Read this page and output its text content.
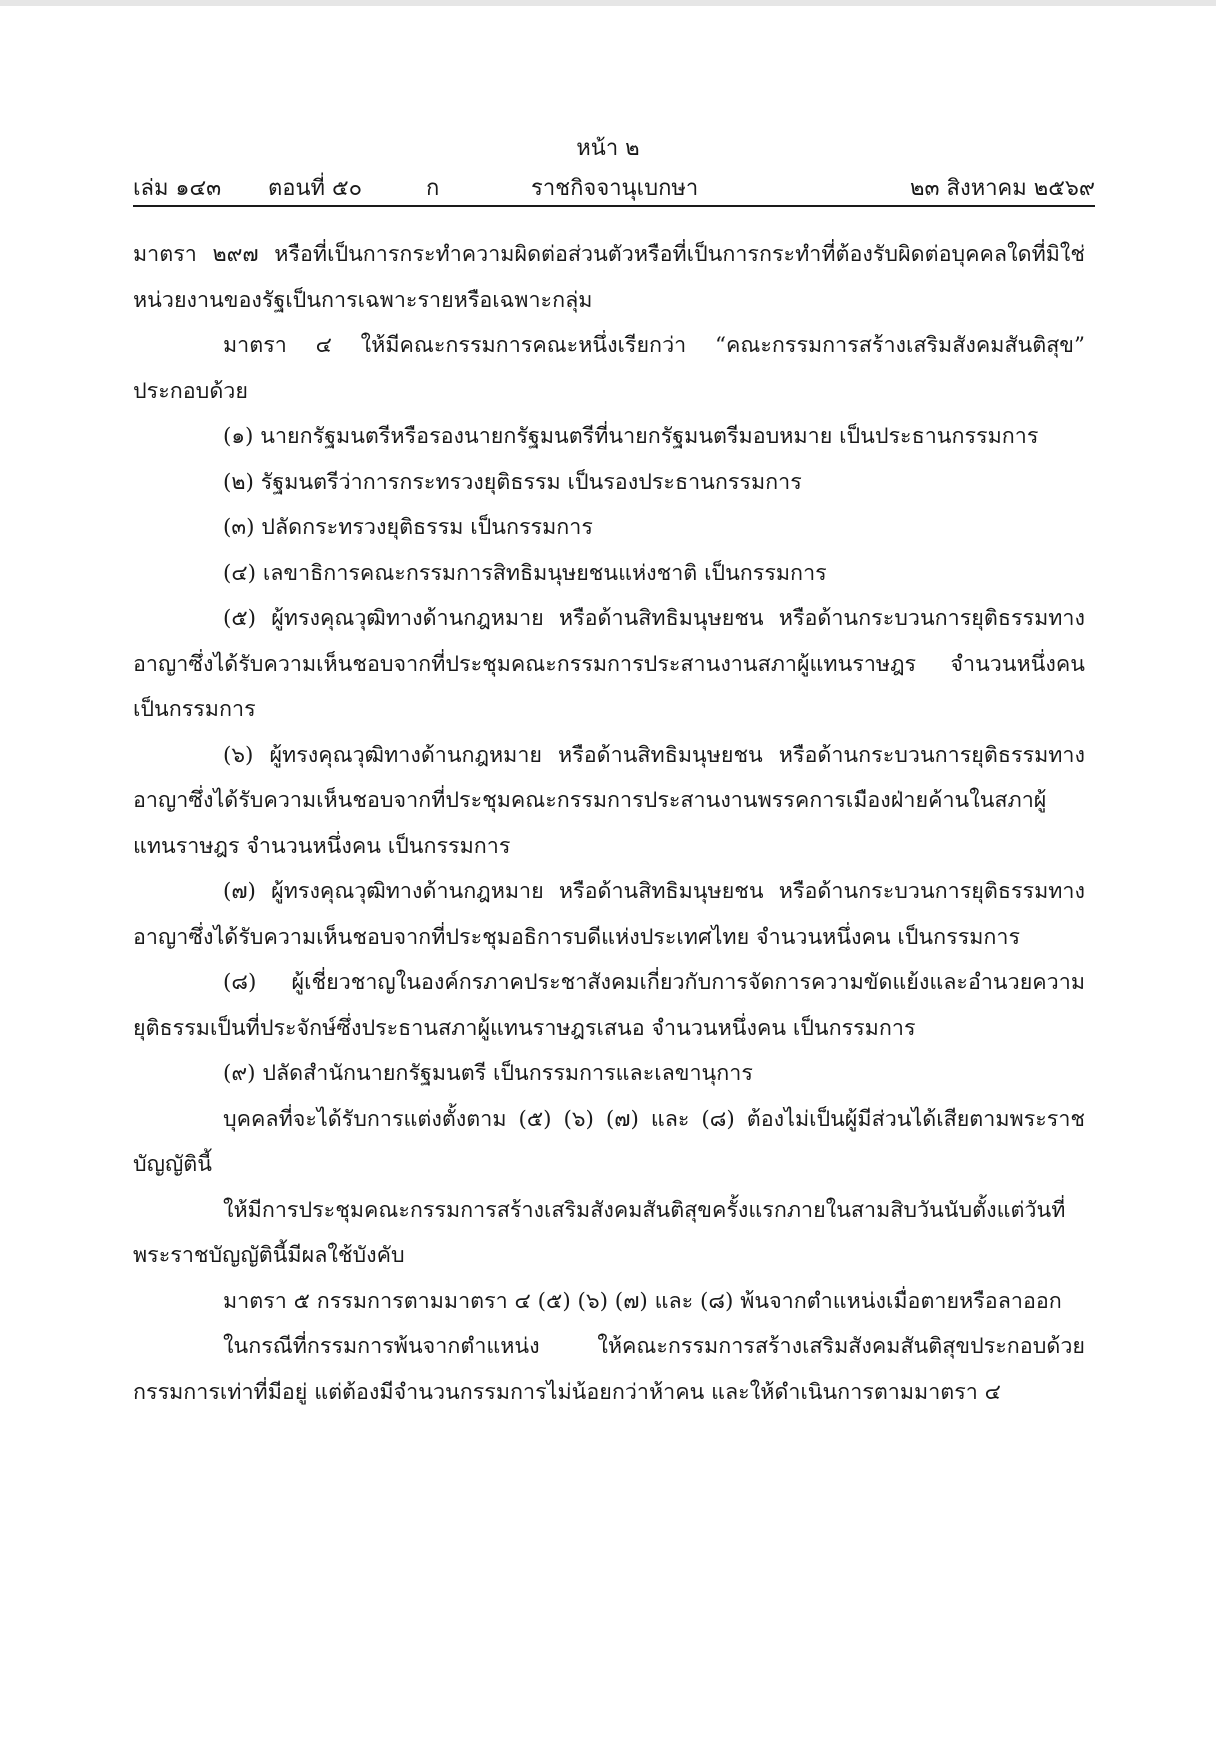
หน้า ๒
เล่ม ๑๔๓ ตอนที่ ๕๐	ก	ราชกิจจานุเบกษา	๒๓ สิงหาคม ๒๕๖๙

มาตรา ๒๙๗ หรือที่เป็นการกระทำความผิดต่อส่วนตัวหรือที่เป็นการกระทำที่ต้องรับผิดต่อบุคคลใดที่มิใช่หน่วยงานของรัฐเป็นการเฉพาะรายหรือเฉพาะกลุ่ม

มาตรา ๔ ให้มีคณะกรรมการคณะหนึ่งเรียกว่า “คณะกรรมการสร้างเสริมสังคมสันติสุข” ประกอบด้วย

(๑) นายกรัฐมนตรีหรือรองนายกรัฐมนตรีที่นายกรัฐมนตรีมอบหมาย เป็นประธานกรรมการ

(๒) รัฐมนตรีว่าการกระทรวงยุติธรรม เป็นรองประธานกรรมการ

(๓) ปลัดกระทรวงยุติธรรม เป็นกรรมการ

(๔) เลขาธิการคณะกรรมการสิทธิมนุษยชนแห่งชาติ เป็นกรรมการ

(๕) ผู้ทรงคุณวุฒิทางด้านกฎหมาย หรือด้านสิทธิมนุษยชน หรือด้านกระบวนการยุติธรรมทางอาญาซึ่งได้รับความเห็นชอบจากที่ประชุมคณะกรรมการประสานงานสภาผู้แทนราษฎร จำนวนหนึ่งคน เป็นกรรมการ

(๖) ผู้ทรงคุณวุฒิทางด้านกฎหมาย หรือด้านสิทธิมนุษยชน หรือด้านกระบวนการยุติธรรมทางอาญาซึ่งได้รับความเห็นชอบจากที่ประชุมคณะกรรมการประสานงานพรรคการเมืองฝ่ายค้านในสภาผู้แทนราษฎร จำนวนหนึ่งคน เป็นกรรมการ

(๗) ผู้ทรงคุณวุฒิทางด้านกฎหมาย หรือด้านสิทธิมนุษยชน หรือด้านกระบวนการยุติธรรมทางอาญาซึ่งได้รับความเห็นชอบจากที่ประชุมอธิการบดีแห่งประเทศไทย จำนวนหนึ่งคน เป็นกรรมการ

(๘) ผู้เชี่ยวชาญในองค์กรภาคประชาสังคมเกี่ยวกับการจัดการความขัดแย้งและอำนวยความยุติธรรมเป็นที่ประจักษ์ซึ่งประธานสภาผู้แทนราษฎรเสนอ จำนวนหนึ่งคน เป็นกรรมการ

(๙) ปลัดสำนักนายกรัฐมนตรี เป็นกรรมการและเลขานุการ

บุคคลที่จะได้รับการแต่งตั้งตาม (๕) (๖) (๗) และ (๘) ต้องไม่เป็นผู้มีส่วนได้เสียตามพระราชบัญญัตินี้

ให้มีการประชุมคณะกรรมการสร้างเสริมสังคมสันติสุขครั้งแรกภายในสามสิบวันนับตั้งแต่วันที่พระราชบัญญัตินี้มีผลใช้บังคับ

มาตรา ๕ กรรมการตามมาตรา ๔ (๕) (๖) (๗) และ (๘) พ้นจากตำแหน่งเมื่อตายหรือลาออก

ในกรณีที่กรรมการพ้นจากตำแหน่ง ให้คณะกรรมการสร้างเสริมสังคมสันติสุขประกอบด้วยกรรมการเท่าที่มีอยู่ แต่ต้องมีจำนวนกรรมการไม่น้อยกว่าห้าคน และให้ดำเนินการตามมาตรา ๔
